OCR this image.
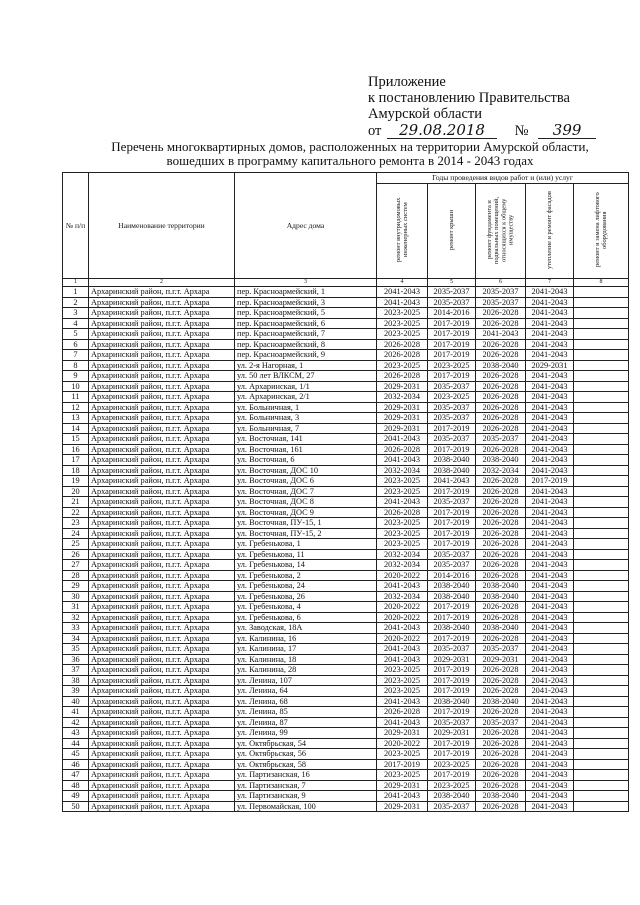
Приложение
к постановлению Правительства
Амурской области
от 29.08.2018 № 399
Перечень многоквартирных домов, расположенных на территории Амурской области,
вошедших в программу капитального ремонта в 2014 - 2043 годах
№ п/п	Наименование территории	Адрес дома	Годы проведения видов работ и (или) услуг				
			ремонт внутридомовых инженерных систем	ремонт крыши	ремонт фундамента и подвальных помещений, относящихся к общему имуществу	утепление и ремонт фасадов	ремонт и замена лифтового оборудования
1	2	3	4	5	6	7	8
1	Архаринский район, п.г.т. Архара	пер. Красноармейский, 1	2041-2043	2035-2037	2035-2037	2041-2043	
2	Архаринский район, п.г.т. Архара	пер. Красноармейский, 3	2041-2043	2035-2037	2035-2037	2041-2043	
3	Архаринский район, п.г.т. Архара	пер. Красноармейский, 5	2023-2025	2014-2016	2026-2028	2041-2043	
4	Архаринский район, п.г.т. Архара	пер. Красноармейский, 6	2023-2025	2017-2019	2026-2028	2041-2043	
5	Архаринский район, п.г.т. Архара	пер. Красноармейский, 7	2023-2025	2017-2019	2041-2043	2041-2043	
6	Архаринский район, п.г.т. Архара	пер. Красноармейский, 8	2026-2028	2017-2019	2026-2028	2041-2043	
7	Архаринский район, п.г.т. Архара	пер. Красноармейский, 9	2026-2028	2017-2019	2026-2028	2041-2043	
8	Архаринский район, п.г.т. Архара	ул. 2-я Нагорная, 1	2023-2025	2023-2025	2038-2040	2029-2031	
9	Архаринский район, п.г.т. Архара	ул. 50 лет ВЛКСМ, 27	2026-2028	2017-2019	2026-2028	2041-2043	
10	Архаринский район, п.г.т. Архара	ул. Архаринская, 1/1	2029-2031	2035-2037	2026-2028	2041-2043	
11	Архаринский район, п.г.т. Архара	ул. Архаринская, 2/1	2032-2034	2023-2025	2026-2028	2041-2043	
12	Архаринский район, п.г.т. Архара	ул. Больничная, 1	2029-2031	2035-2037	2026-2028	2041-2043	
13	Архаринский район, п.г.т. Архара	ул. Больничная, 3	2029-2031	2035-2037	2026-2028	2041-2043	
14	Архаринский район, п.г.т. Архара	ул. Больничная, 7	2029-2031	2017-2019	2026-2028	2041-2043	
15	Архаринский район, п.г.т. Архара	ул. Восточная, 141	2041-2043	2035-2037	2035-2037	2041-2043	
16	Архаринский район, п.г.т. Архара	ул. Восточная, 161	2026-2028	2017-2019	2026-2028	2041-2043	
17	Архаринский район, п.г.т. Архара	ул. Восточная, 6	2041-2043	2038-2040	2038-2040	2041-2043	
18	Архаринский район, п.г.т. Архара	ул. Восточная, ДОС 10	2032-2034	2038-2040	2032-2034	2041-2043	
19	Архаринский район, п.г.т. Архара	ул. Восточная, ДОС 6	2023-2025	2041-2043	2026-2028	2017-2019	
20	Архаринский район, п.г.т. Архара	ул. Восточная, ДОС 7	2023-2025	2017-2019	2026-2028	2041-2043	
21	Архаринский район, п.г.т. Архара	ул. Восточная, ДОС 8	2041-2043	2035-2037	2026-2028	2041-2043	
22	Архаринский район, п.г.т. Архара	ул. Восточная, ДОС 9	2026-2028	2017-2019	2026-2028	2041-2043	
23	Архаринский район, п.г.т. Архара	ул. Восточная, ПУ-15, 1	2023-2025	2017-2019	2026-2028	2041-2043	
24	Архаринский район, п.г.т. Архара	ул. Восточная, ПУ-15, 2	2023-2025	2017-2019	2026-2028	2041-2043	
25	Архаринский район, п.г.т. Архара	ул. Гребенькова, 1	2023-2025	2017-2019	2026-2028	2041-2043	
26	Архаринский район, п.г.т. Архара	ул. Гребенькова, 11	2032-2034	2035-2037	2026-2028	2041-2043	
27	Архаринский район, п.г.т. Архара	ул. Гребенькова, 14	2032-2034	2035-2037	2026-2028	2041-2043	
28	Архаринский район, п.г.т. Архара	ул. Гребенькова, 2	2020-2022	2014-2016	2026-2028	2041-2043	
29	Архаринский район, п.г.т. Архара	ул. Гребенькова, 24	2041-2043	2038-2040	2038-2040	2041-2043	
30	Архаринский район, п.г.т. Архара	ул. Гребенькова, 26	2032-2034	2038-2040	2038-2040	2041-2043	
31	Архаринский район, п.г.т. Архара	ул. Гребенькова, 4	2020-2022	2017-2019	2026-2028	2041-2043	
32	Архаринский район, п.г.т. Архара	ул. Гребенькова, 6	2020-2022	2017-2019	2026-2028	2041-2043	
33	Архаринский район, п.г.т. Архара	ул. Заводская, 18А	2041-2043	2038-2040	2038-2040	2041-2043	
34	Архаринский район, п.г.т. Архара	ул. Калинина, 16	2020-2022	2017-2019	2026-2028	2041-2043	
35	Архаринский район, п.г.т. Архара	ул. Калинина, 17	2041-2043	2035-2037	2035-2037	2041-2043	
36	Архаринский район, п.г.т. Архара	ул. Калинина, 18	2041-2043	2029-2031	2029-2031	2041-2043	
37	Архаринский район, п.г.т. Архара	ул. Калинина, 28	2023-2025	2017-2019	2026-2028	2041-2043	
38	Архаринский район, п.г.т. Архара	ул. Ленина, 107	2023-2025	2017-2019	2026-2028	2041-2043	
39	Архаринский район, п.г.т. Архара	ул. Ленина, 64	2023-2025	2017-2019	2026-2028	2041-2043	
40	Архаринский район, п.г.т. Архара	ул. Ленина, 68	2041-2043	2038-2040	2038-2040	2041-2043	
41	Архаринский район, п.г.т. Архара	ул. Ленина, 85	2026-2028	2017-2019	2026-2028	2041-2043	
42	Архаринский район, п.г.т. Архара	ул. Ленина, 87	2041-2043	2035-2037	2035-2037	2041-2043	
43	Архаринский район, п.г.т. Архара	ул. Ленина, 99	2029-2031	2029-2031	2026-2028	2041-2043	
44	Архаринский район, п.г.т. Архара	ул. Октябрьская, 54	2020-2022	2017-2019	2026-2028	2041-2043	
45	Архаринский район, п.г.т. Архара	ул. Октябрьская, 56	2023-2025	2017-2019	2026-2028	2041-2043	
46	Архаринский район, п.г.т. Архара	ул. Октябрьская, 58	2017-2019	2023-2025	2026-2028	2041-2043	
47	Архаринский район, п.г.т. Архара	ул. Партизанская, 16	2023-2025	2017-2019	2026-2028	2041-2043	
48	Архаринский район, п.г.т. Архара	ул. Партизанская, 7	2029-2031	2023-2025	2026-2028	2041-2043	
49	Архаринский район, п.г.т. Архара	ул. Партизанская, 9	2041-2043	2038-2040	2038-2040	2041-2043	
50	Архаринский район, п.г.т. Архара	ул. Первомайская, 100	2029-2031	2035-2037	2026-2028	2041-2043	
